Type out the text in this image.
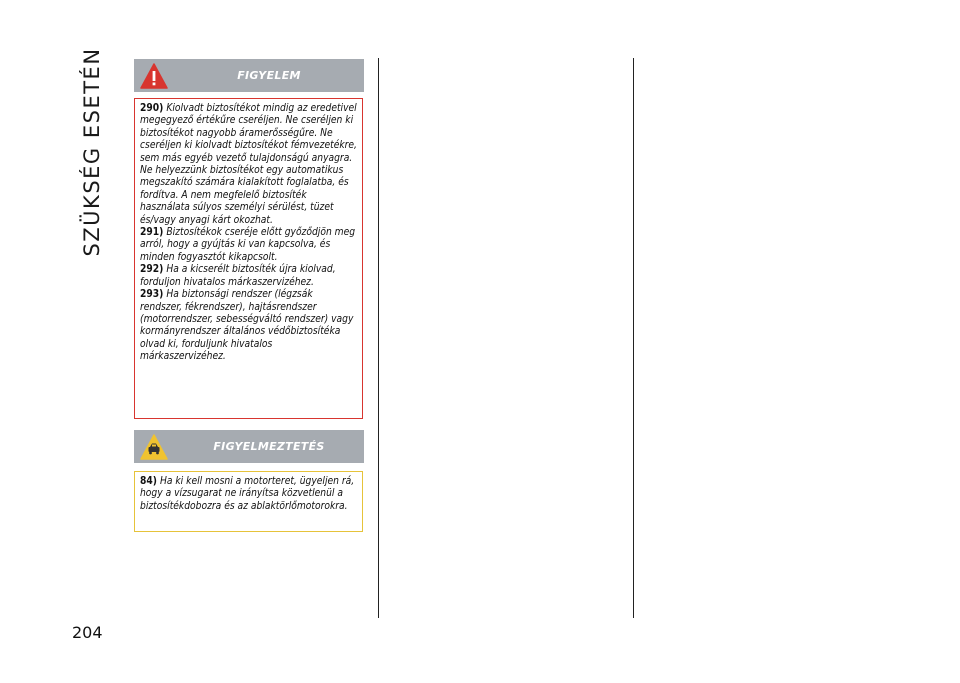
SZÜKSÉG ESETÉN	FIGYELEM

290) Kiolvadt biztosítékot mindig az eredetivel megegyező értékűre cseréljen. Ne cseréljen ki biztosítékot nagyobb áramerősségűre. Ne cseréljen ki kiolvadt biztosítékot fémvezetékre, sem más egyéb vezető tulajdonságú anyagra. Ne helyezzünk biztosítékot egy automatikus megszakító számára kialakított foglalatba, és fordítva. A nem megfelelő biztosíték használata súlyos személyi sérülést, tüzet és/vagy anyagi kárt okozhat.

291) Biztosítékok cseréje előtt győződjön meg arról, hogy a gyújtás ki van kapcsolva, és minden fogyasztót kikapcsolt.

292) Ha a kicserélt biztosíték újra kiolvad, forduljon hivatalos márkaszervizéhez.

293) Ha biztonsági rendszer (légzsák rendszer, fékrendszer), hajtásrendszer (motorrendszer, sebességváltó rendszer) vagy kormányrendszer általános védőbiztosítéka olvad ki, forduljunk hivatalos márkaszervizéhez.

FIGYELMEZTETÉS

84) Ha ki kell mosni a motorteret, ügyeljen rá, hogy a vízsugarat ne irányítsa közvetlenül a biztosítékdobozra és az ablaktörlőmotorokra.

204
